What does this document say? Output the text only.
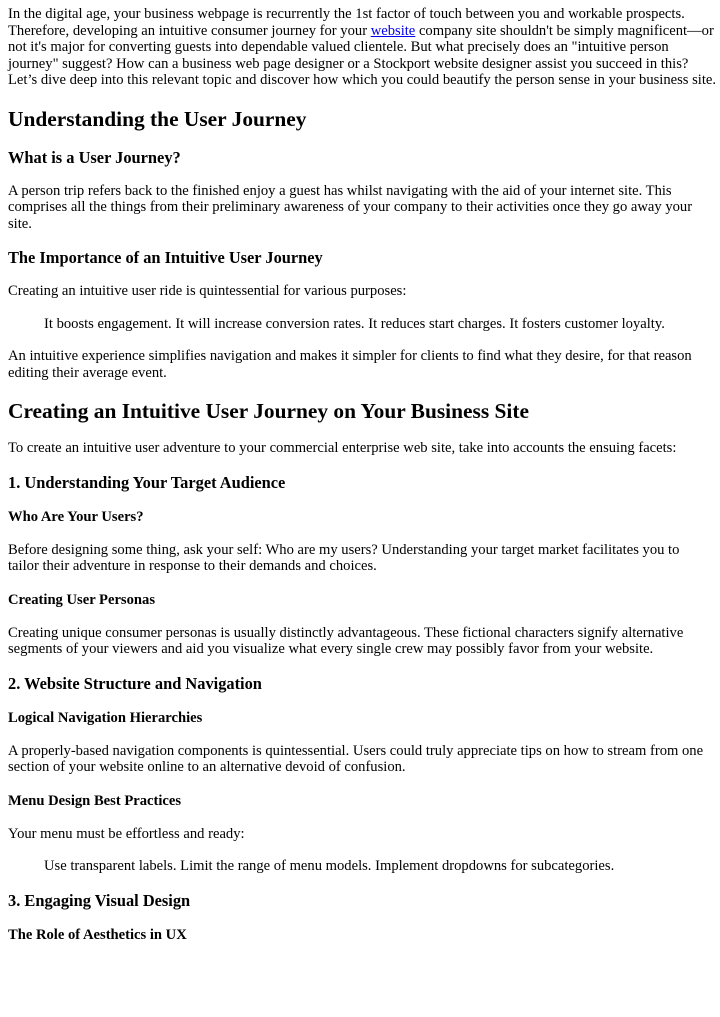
In the digital age, your business webpage is recurrently the 1st factor of touch between you and workable prospects. Therefore, developing an intuitive consumer journey for your website company site shouldn't be simply magnificent—or not it's major for converting guests into dependable valued clientele. But what precisely does an "intuitive person journey" suggest? How can a business web page designer or a Stockport website designer assist you succeed in this? Let’s dive deep into this relevant topic and discover how which you could beautify the person sense in your business site.

Understanding the User Journey
What is a User Journey?

A person trip refers back to the finished enjoy a guest has whilst navigating with the aid of your internet site. This comprises all the things from their preliminary awareness of your company to their activities once they go away your site.

The Importance of an Intuitive User Journey

Creating an intuitive user ride is quintessential for various purposes:

It boosts engagement. It will increase conversion rates. It reduces start charges. It fosters customer loyalty.

An intuitive experience simplifies navigation and makes it simpler for clients to find what they desire, for that reason editing their average event.

Creating an Intuitive User Journey on Your Business Site

To create an intuitive user adventure to your commercial enterprise web site, take into accounts the ensuing facets:

1. Understanding Your Target Audience
Who Are Your Users?

Before designing some thing, ask your self: Who are my users? Understanding your target market facilitates you to tailor their adventure in response to their demands and choices.

Creating User Personas

Creating unique consumer personas is usually distinctly advantageous. These fictional characters signify alternative segments of your viewers and aid you visualize what every single crew may possibly favor from your website.

2. Website Structure and Navigation
Logical Navigation Hierarchies

A properly-based navigation components is quintessential. Users could truly appreciate tips on how to stream from one section of your website online to an alternative devoid of confusion.

Menu Design Best Practices

Your menu must be effortless and ready:

Use transparent labels. Limit the range of menu models. Implement dropdowns for subcategories.
3. Engaging Visual Design
The Role of Aesthetics in UX
